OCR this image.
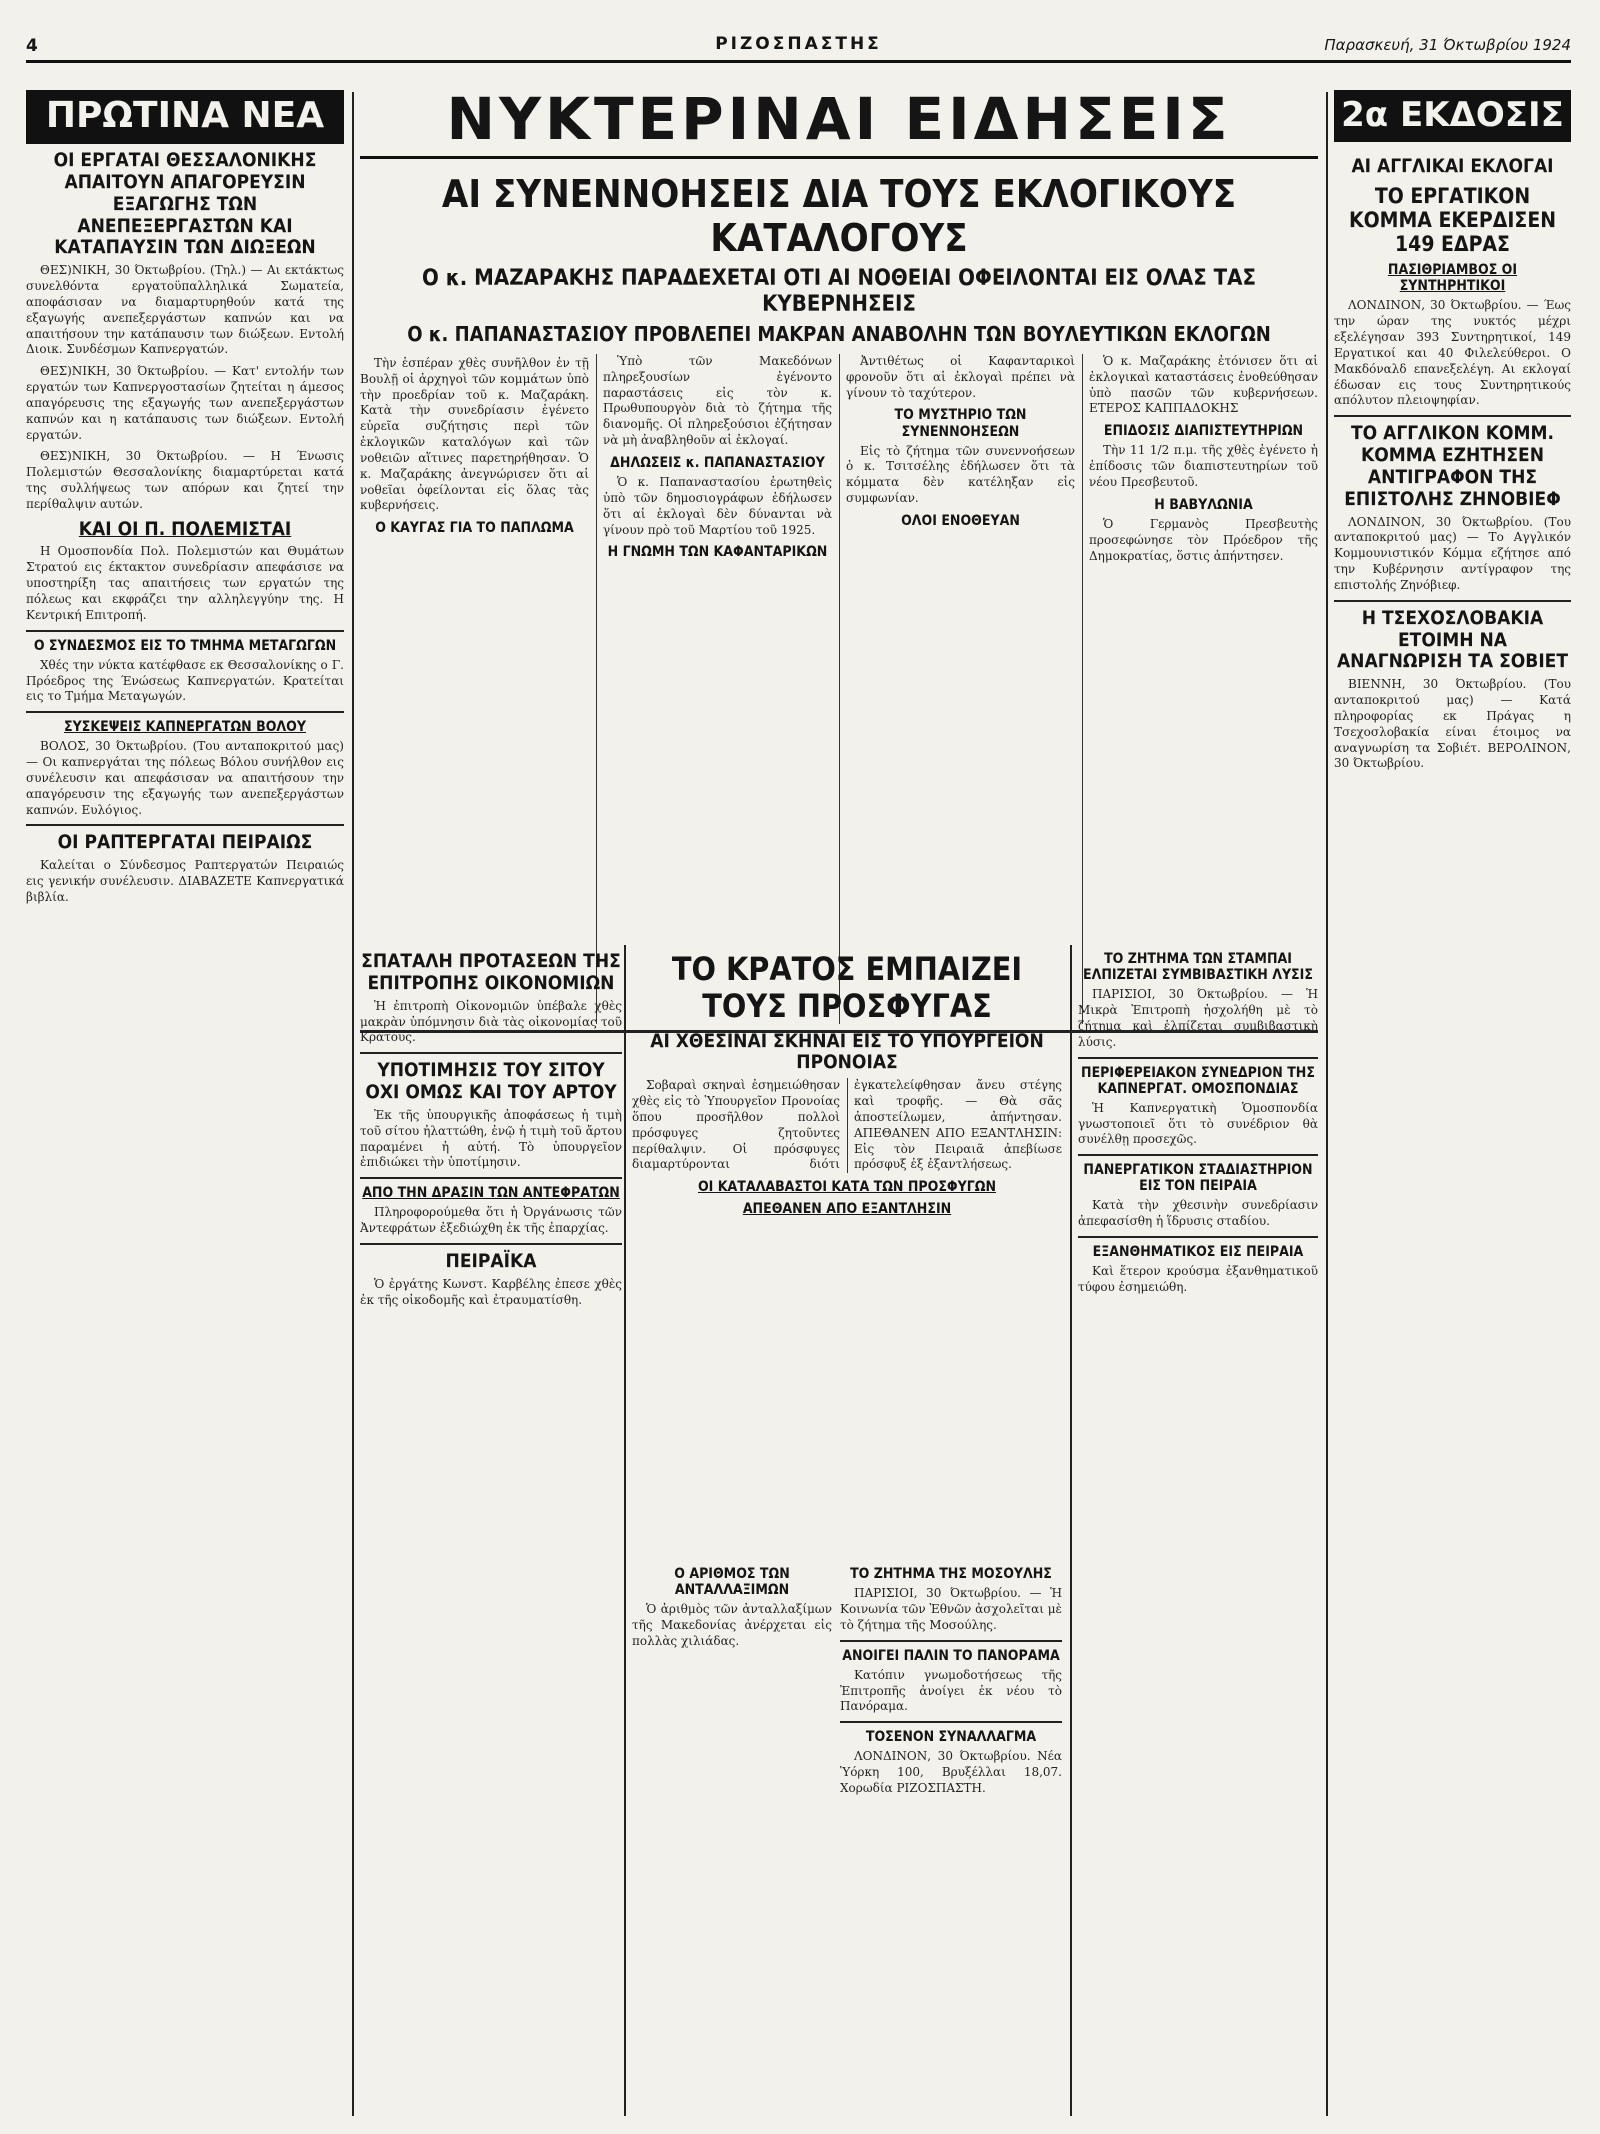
4	ΡΙΖΟΣΠΑΣΤΗΣ	Παρασκευή, 31 Όκτωβρίου 1924
ΠΡΩΤΙΝΑ ΝΕΑ
ΟΙ ΕΡΓΑΤΑΙ ΘΕΣΣΑΛΟΝΙΚΗΣ ΑΠΑΙΤΟΥΝ ΑΠΑΓΟΡΕΥΣΙΝ ΕΞΑΓΩΓΗΣ ΤΩΝ ΑΝΕΠΕΞΕΡΓΑΣΤΩΝ ΚΑΙ ΚΑΤΑΠΑΥΣΙΝ ΤΩΝ ΔΙΩΞΕΩΝ
ΘΕΣ)ΝΙΚΗ, 30 Όκτωβρίου. (Τηλ.) — Αι εκτάκτως συνελθόντα εργατοϋπαλληλικά Σωματεία, αποφάσισαν να διαμαρτυρηθούν κατά της εξαγωγής ανεπεξεργάστων καπνών και να απαιτήσουν την κατάπαυσιν των διώξεων. Εντολή Διοικ. Συνδέσμων Καπνεργατών.
ΘΕΣ)ΝΙΚΗ, 30 Όκτωβρίου. — Κατ' εντολήν των εργατών των Καπνεργοστασίων ζητείται η άμεσος απαγόρευσις της εξαγωγής των ανεπεξεργάστων καπνών και η κατάπαυσις των διώξεων. Εντολή εργατών.
ΘΕΣ)ΝΙΚΗ, 30 Όκτωβρίου. — Η Ένωσις Πολεμιστών Θεσσαλονίκης διαμαρτύρεται κατά της συλλήψεως των απόρων και ζητεί την περίθαλψιν αυτών.
ΚΑΙ ΟΙ Π. ΠΟΛΕΜΙΣΤΑΙ
Η Ομοσπονδία Πολ. Πολεμιστών και Θυμάτων Στρατού εις έκτακτον συνεδρίασιν απεφάσισε να υποστηρίξη τας απαιτήσεις των εργατών της πόλεως και εκφράζει την αλληλεγγύην της. Η Κεντρική Επιτροπή.
Ο ΣΥΝΔΕΣΜΟΣ ΕΙΣ ΤΟ ΤΜΗΜΑ ΜΕΤΑΓΩΓΩΝ
Χθές την νύκτα κατέφθασε εκ Θεσσαλονίκης ο Γ. Πρόεδρος της Ένώσεως Καπνεργατών. Κρατείται εις το Τμήμα Μεταγωγών.
ΣΥΣΚΕΨΕΙΣ ΚΑΠΝΕΡΓΑΤΩΝ ΒΟΛΟΥ
ΒΟΛΟΣ, 30 Όκτωβρίου. (Του ανταποκριτού μας) — Οι καπνεργάται της πόλεως Βόλου συνήλθον εις συνέλευσιν και απεφάσισαν να απαιτήσουν την απαγόρευσιν της εξαγωγής των ανεπεξεργάστων καπνών. Ευλόγιος.
ΟΙ ΡΑΠΤΕΡΓΑΤΑΙ ΠΕΙΡΑΙΩΣ
Καλείται ο Σύνδεσμος Ραπτεργατών Πειραιώς εις γενικήν συνέλευσιν. ΔΙΑΒΑΖΕΤΕ Καπνεργατικά βιβλία.
ΝΥΚΤΕΡΙΝΑΙ ΕΙΔΗΣΕΙΣ
ΑΙ ΣΥΝΕΝΝΟΗΣΕΙΣ ΔΙΑ ΤΟΥΣ ΕΚΛΟΓΙΚΟΥΣ ΚΑΤΑΛΟΓΟΥΣ
Ο κ. ΜΑΖΑΡΑΚΗΣ ΠΑΡΑΔΕΧΕΤΑΙ ΟΤΙ ΑΙ ΝΟΘΕΙΑΙ ΟΦΕΙΛΟΝΤΑΙ ΕΙΣ ΟΛΑΣ ΤΑΣ ΚΥΒΕΡΝΗΣΕΙΣ
Ο κ. ΠΑΠΑΝΑΣΤΑΣΙΟΥ ΠΡΟΒΛΕΠΕΙ ΜΑΚΡΑΝ ΑΝΑΒΟΛΗΝ ΤΩΝ ΒΟΥΛΕΥΤΙΚΩΝ ΕΚΛΟΓΩΝ
Τὴν ἑσπέραν χθὲς συνῆλθον ἐν τῇ Βουλῇ οἱ ἀρχηγοὶ τῶν κομμάτων ὑπὸ τὴν προεδρίαν τοῦ κ. Μαζαράκη. Κατὰ τὴν συνεδρίασιν ἐγένετο εὐρεῖα συζήτησις περὶ τῶν ἐκλογικῶν καταλόγων καὶ τῶν νοθειῶν αἵτινες παρετηρήθησαν. Ὁ κ. Μαζαράκης ἀνεγνώρισεν ὅτι αἱ νοθεῖαι ὀφείλονται εἰς ὅλας τὰς κυβερνήσεις.
Ο ΚΑΥΓΑΣ ΓΙΑ ΤΟ ΠΑΠΛΩΜΑ
Ὑπὸ τῶν Μακεδόνων πληρεξουσίων ἐγένοντο παραστάσεις εἰς τὸν κ. Πρωθυπουργὸν διὰ τὸ ζήτημα τῆς διανομῆς. Οἱ πληρεξούσιοι ἐζήτησαν νὰ μὴ ἀναβληθοῦν αἱ ἐκλογαί.
ΔΗΛΩΣΕΙΣ κ. ΠΑΠΑΝΑΣΤΑΣΙΟΥ
Ὁ κ. Παπαναστασίου ἐρωτηθεὶς ὑπὸ τῶν δημοσιογράφων ἐδήλωσεν ὅτι αἱ ἐκλογαὶ δὲν δύνανται νὰ γίνουν πρὸ τοῦ Μαρτίου τοῦ 1925.
Η ΓΝΩΜΗ ΤΩΝ ΚΑΦΑΝΤΑΡΙΚΩΝ
Ἀντιθέτως οἱ Καφανταρικοὶ φρονοῦν ὅτι αἱ ἐκλογαὶ πρέπει νὰ γίνουν τὸ ταχύτερον.
ΤΟ ΜΥΣΤΗΡΙΟ ΤΩΝ ΣΥΝΕΝΝΟΗΣΕΩΝ
Εἰς τὸ ζήτημα τῶν συνεννοήσεων ὁ κ. Τσιτσέλης ἐδήλωσεν ὅτι τὰ κόμματα δὲν κατέληξαν εἰς συμφωνίαν.
ΟΛΟΙ ΕΝΟΘΕΥΑΝ
Ὁ κ. Μαζαράκης ἐτόνισεν ὅτι αἱ ἐκλογικαὶ καταστάσεις ἐνοθεύθησαν ὑπὸ πασῶν τῶν κυβερνήσεων. ΕΤΕΡΟΣ ΚΑΠΠΑΔΟΚΗΣ
ΕΠΙΔΟΣΙΣ ΔΙΑΠΙΣΤΕΥΤΗΡΙΩΝ
Τὴν 11 1/2 π.μ. τῆς χθὲς ἐγένετο ἡ ἐπίδοσις τῶν διαπιστευτηρίων τοῦ νέου Πρεσβευτοῦ.
Η ΒΑΒΥΛΩΝΙΑ
Ὁ Γερμανὸς Πρεσβευτὴς προσεφώνησε τὸν Πρόεδρον τῆς Δημοκρατίας, ὅστις ἀπήντησεν.
ΣΠΑΤΑΛΗ ΠΡΟΤΑΣΕΩΝ ΤΗΣ ΕΠΙΤΡΟΠΗΣ ΟΙΚΟΝΟΜΙΩΝ
Ἡ ἐπιτροπὴ Οἰκονομιῶν ὑπέβαλε χθὲς μακρὰν ὑπόμνησιν διὰ τὰς οἰκονομίας τοῦ Κράτους.
ΥΠΟΤΙΜΗΣΙΣ ΤΟΥ ΣΙΤΟΥ ΟΧΙ ΟΜΩΣ ΚΑΙ ΤΟΥ ΑΡΤΟΥ
Ἐκ τῆς ὑπουργικῆς ἀποφάσεως ἡ τιμὴ τοῦ σίτου ἠλαττώθη, ἐνῷ ἡ τιμὴ τοῦ ἄρτου παραμένει ἡ αὐτή. Τὸ ὑπουργεῖον ἐπιδιώκει τὴν ὑποτίμησιν.
ΑΠΟ ΤΗΝ ΔΡΑΣΙΝ ΤΩΝ ΑΝΤΕΦΡΑΤΩΝ
Πληροφορούμεθα ὅτι ἡ Ὀργάνωσις τῶν Ἀντεφράτων ἐξεδιώχθη ἐκ τῆς ἐπαρχίας.
ΠΕΙΡΑΪΚΑ
Ὁ ἐργάτης Κωνστ. Καρβέλης ἐπεσε χθὲς ἐκ τῆς οἰκοδομῆς καὶ ἐτραυματίσθη.
ΤΟ ΚΡΑΤΟΣ ΕΜΠΑΙΖΕΙ ΤΟΥΣ ΠΡΟΣΦΥΓΑΣ
ΑΙ ΧΘΕΣΙΝΑΙ ΣΚΗΝΑΙ ΕΙΣ ΤΟ ΥΠΟΥΡΓΕΙΟΝ ΠΡΟΝΟΙΑΣ
Σοβαραὶ σκηναὶ ἐσημειώθησαν χθὲς εἰς τὸ Ὑπουργεῖον Προνοίας ὅπου προσῆλθον πολλοὶ πρόσφυγες ζητοῦντες περίθαλψιν. Οἱ πρόσφυγες διαμαρτύρονται διότι ἐγκατελείφθησαν ἄνευ στέγης καὶ τροφῆς. — Θὰ σᾶς ἀποστείλωμεν, ἀπήντησαν. ΑΠΕΘΑΝΕΝ ΑΠΟ ΕΞΑΝΤΛΗΣΙΝ: Εἰς τὸν Πειραιᾶ ἀπεβίωσε πρόσφυξ ἐξ ἐξαντλήσεως.
ΟΙ ΚΑΤΑΛΑΒΑΣΤΟΙ ΚΑΤΑ ΤΩΝ ΠΡΟΣΦΥΓΩΝ
ΑΠΕΘΑΝΕΝ ΑΠΟ ΕΞΑΝΤΛΗΣΙΝ
Ο ΑΡΙΘΜΟΣ ΤΩΝ ΑΝΤΑΛΛΑΞΙΜΩΝ
Ὁ ἀριθμὸς τῶν ἀνταλλαξίμων τῆς Μακεδονίας ἀνέρχεται εἰς πολλὰς χιλιάδας.
ΤΟ ΖΗΤΗΜΑ ΤΗΣ ΜΟΣΟΥΛΗΣ
ΠΑΡΙΣΙΟΙ, 30 Όκτωβρίου. — Ἡ Κοινωνία τῶν Ἐθνῶν ἀσχολεῖται μὲ τὸ ζήτημα τῆς Μοσούλης.
ΑΝΟΙΓΕΙ ΠΑΛΙΝ ΤΟ ΠΑΝΟΡΑΜΑ
Κατόπιν γνωμοδοτήσεως τῆς Ἐπιτροπῆς ἀνοίγει ἐκ νέου τὸ Πανόραμα.
ΤΟΣΕΝΟΝ ΣΥΝΑΛΛΑΓΜΑ
ΛΟΝΔΙΝΟΝ, 30 Όκτωβρίου. Νέα Ὑόρκη 100, Βρυξέλλαι 18,07. Χορωδία ΡΙΖΟΣΠΑΣΤΗ.
ΤΟ ΖΗΤΗΜΑ ΤΩΝ ΣΤΑΜΠΑΙ ΕΛΠΙΖΕΤΑΙ ΣΥΜΒΙΒΑΣΤΙΚΗ ΛΥΣΙΣ
ΠΑΡΙΣΙΟΙ, 30 Όκτωβρίου. — Ἡ Μικρὰ Ἐπιτροπὴ ἠσχολήθη μὲ τὸ ζήτημα καὶ ἐλπίζεται συμβιβαστικὴ λύσις.
ΠΕΡΙΦΕΡΕΙΑΚΟΝ ΣΥΝΕΔΡΙΟΝ ΤΗΣ ΚΑΠΝΕΡΓΑΤ. ΟΜΟΣΠΟΝΔΙΑΣ
Ἡ Καπνεργατικὴ Ὁμοσπονδία γνωστοποιεῖ ὅτι τὸ συνέδριον θὰ συνέλθῃ προσεχῶς.
ΠΑΝΕΡΓΑΤΙΚΟΝ ΣΤΑΔΙΑΣΤΗΡΙΟΝ ΕΙΣ ΤΟΝ ΠΕΙΡΑΙΑ
Κατὰ τὴν χθεσινὴν συνεδρίασιν ἀπεφασίσθη ἡ ἵδρυσις σταδίου.
ΕΞΑΝΘΗΜΑΤΙΚΟΣ ΕΙΣ ΠΕΙΡΑΙΑ
Καὶ ἕτερον κρούσμα ἐξανθηματικοῦ τύφου ἐσημειώθη.
2α ΕΚΔΟΣΙΣ
ΑΙ ΑΓΓΛΙΚΑΙ ΕΚΛΟΓΑΙ
ΤΟ ΕΡΓΑΤΙΚΟΝ ΚΟΜΜΑ ΕΚΕΡΔΙΣΕΝ 149 ΕΔΡΑΣ
ΠΑΣΙΘΡΙΑΜΒΟΣ ΟΙ ΣΥΝΤΗΡΗΤΙΚΟΙ
ΛΟΝΔΙΝΟΝ, 30 Όκτωβρίου. — Έως την ώραν της νυκτός μέχρι εξελέγησαν 393 Συντηρητικοί, 149 Εργατικοί και 40 Φιλελεύθεροι. Ο Μακδόναλδ επανεξελέγη. Αι εκλογαί έδωσαν εις τους Συντηρητικούς απόλυτον πλειοψηφίαν.
ΤΟ ΑΓΓΛΙΚΟΝ ΚΟΜΜ. ΚΟΜΜΑ ΕΖΗΤΗΣΕΝ ΑΝΤΙΓΡΑΦΟΝ ΤΗΣ ΕΠΙΣΤΟΛΗΣ ΖΗΝΟΒΙΕΦ
ΛΟΝΔΙΝΟΝ, 30 Όκτωβρίου. (Του ανταποκριτού μας) — Το Αγγλικόν Κομμουνιστικόν Κόμμα εζήτησε από την Κυβέρνησιν αντίγραφον της επιστολής Ζηνόβιεφ.
Η ΤΣΕΧΟΣΛΟΒΑΚΙΑ ΕΤΟΙΜΗ ΝΑ ΑΝΑΓΝΩΡΙΣΗ ΤΑ ΣΟΒΙΕΤ
ΒΙΕΝΝΗ, 30 Όκτωβρίου. (Του ανταποκριτού μας) — Κατά πληροφορίας εκ Πράγας η Τσεχοσλοβακία είναι έτοιμος να αναγνωρίση τα Σοβιέτ. ΒΕΡΟΛΙΝΟΝ, 30 Όκτωβρίου.
